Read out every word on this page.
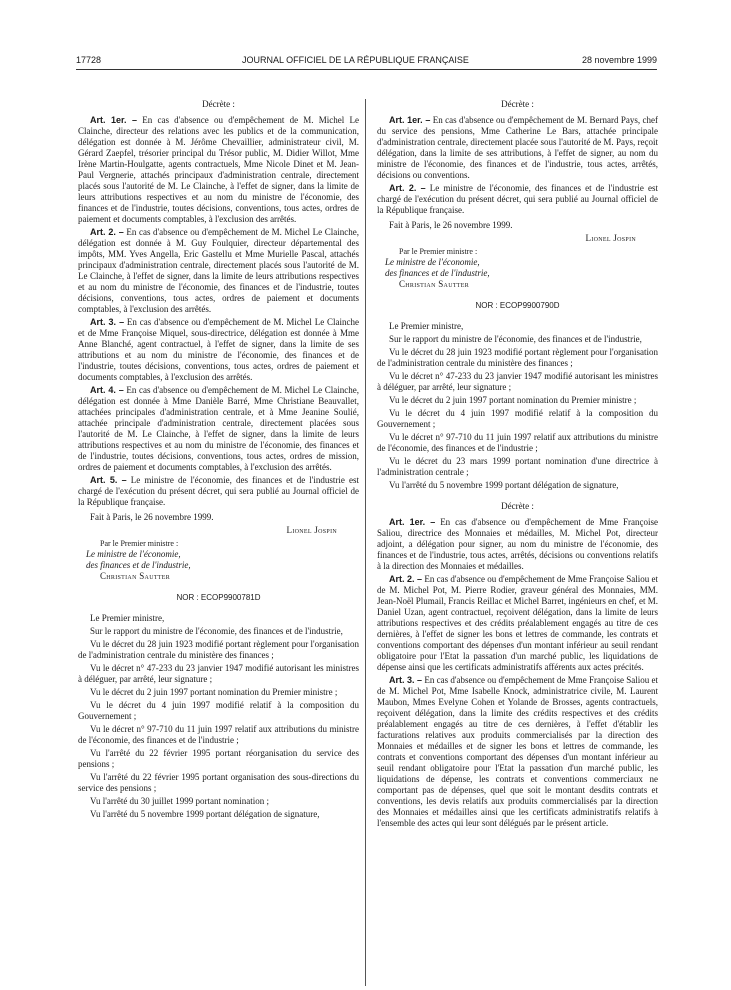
17728	JOURNAL OFFICIEL DE LA RÉPUBLIQUE FRANÇAISE	28 novembre 1999

Décrète :

Art. 1er. – En cas d'absence ou d'empêchement de M. Michel Le Clainche, directeur des relations avec les publics et de la communication, délégation est donnée à M. Jérôme Chevaillier, administrateur civil, M. Gérard Zaepfel, trésorier principal du Trésor public, M. Didier Willot, Mme Irène Martin-Houlgatte, agents contractuels, Mme Nicole Dinet et M. Jean-Paul Vergnerie, attachés principaux d'administration centrale, directement placés sous l'autorité de M. Le Clainche, à l'effet de signer, dans la limite de leurs attributions respectives et au nom du ministre de l'économie, des finances et de l'industrie, toutes décisions, conventions, tous actes, ordres de paiement et documents comptables, à l'exclusion des arrêtés.

Art. 2. – En cas d'absence ou d'empêchement de M. Michel Le Clainche, délégation est donnée à M. Guy Foulquier, directeur départemental des impôts, MM. Yves Angella, Eric Gastellu et Mme Murielle Pascal, attachés principaux d'administration centrale, directement placés sous l'autorité de M. Le Clainche, à l'effet de signer, dans la limite de leurs attributions respectives et au nom du ministre de l'économie, des finances et de l'industrie, toutes décisions, conventions, tous actes, ordres de paiement et documents comptables, à l'exclusion des arrêtés.

Art. 3. – En cas d'absence ou d'empêchement de M. Michel Le Clainche et de Mme Françoise Miquel, sous-directrice, délégation est donnée à Mme Anne Blanché, agent contractuel, à l'effet de signer, dans la limite de ses attributions et au nom du ministre de l'économie, des finances et de l'industrie, toutes décisions, conventions, tous actes, ordres de paiement et documents comptables, à l'exclusion des arrêtés.

Art. 4. – En cas d'absence ou d'empêchement de M. Michel Le Clainche, délégation est donnée à Mme Danièle Barré, Mme Christiane Beauvallet, attachées principales d'administration centrale, et à Mme Jeanine Soulié, attachée principale d'administration centrale, directement placées sous l'autorité de M. Le Clainche, à l'effet de signer, dans la limite de leurs attributions respectives et au nom du ministre de l'économie, des finances et de l'industrie, toutes décisions, conventions, tous actes, ordres de mission, ordres de paiement et documents comptables, à l'exclusion des arrêtés.

Art. 5. – Le ministre de l'économie, des finances et de l'industrie est chargé de l'exécution du présent décret, qui sera publié au Journal officiel de la République française.

Fait à Paris, le 26 novembre 1999.

Lionel Jospin

Par le Premier ministre :
Le ministre de l'économie,
des finances et de l'industrie,
Christian Sautter

NOR : ECOP9900781D

Le Premier ministre,

Sur le rapport du ministre de l'économie, des finances et de l'industrie,

Vu le décret du 28 juin 1923 modifié portant règlement pour l'organisation de l'administration centrale du ministère des finances ;

Vu le décret n° 47-233 du 23 janvier 1947 modifié autorisant les ministres à déléguer, par arrêté, leur signature ;

Vu le décret du 2 juin 1997 portant nomination du Premier ministre ;

Vu le décret du 4 juin 1997 modifié relatif à la composition du Gouvernement ;

Vu le décret n° 97-710 du 11 juin 1997 relatif aux attributions du ministre de l'économie, des finances et de l'industrie ;

Vu l'arrêté du 22 février 1995 portant réorganisation du service des pensions ;

Vu l'arrêté du 22 février 1995 portant organisation des sous-directions du service des pensions ;

Vu l'arrêté du 30 juillet 1999 portant nomination ;

Vu l'arrêté du 5 novembre 1999 portant délégation de signature,

Décrète :

Art. 1er. – En cas d'absence ou d'empêchement de M. Bernard Pays, chef du service des pensions, Mme Catherine Le Bars, attachée principale d'administration centrale, directement placée sous l'autorité de M. Pays, reçoit délégation, dans la limite de ses attributions, à l'effet de signer, au nom du ministre de l'économie, des finances et de l'industrie, tous actes, arrêtés, décisions ou conventions.

Art. 2. – Le ministre de l'économie, des finances et de l'industrie est chargé de l'exécution du présent décret, qui sera publié au Journal officiel de la République française.

Fait à Paris, le 26 novembre 1999.

Lionel Jospin

Par le Premier ministre :
Le ministre de l'économie,
des finances et de l'industrie,
Christian Sautter

NOR : ECOP9900790D

Le Premier ministre,

Sur le rapport du ministre de l'économie, des finances et de l'industrie,

Vu le décret du 28 juin 1923 modifié portant règlement pour l'organisation de l'administration centrale du ministère des finances ;

Vu le décret n° 47-233 du 23 janvier 1947 modifié autorisant les ministres à déléguer, par arrêté, leur signature ;

Vu le décret du 2 juin 1997 portant nomination du Premier ministre ;

Vu le décret du 4 juin 1997 modifié relatif à la composition du Gouvernement ;

Vu le décret n° 97-710 du 11 juin 1997 relatif aux attributions du ministre de l'économie, des finances et de l'industrie ;

Vu le décret du 23 mars 1999 portant nomination d'une directrice à l'administration centrale ;

Vu l'arrêté du 5 novembre 1999 portant délégation de signature,

Décrète :

Art. 1er. – En cas d'absence ou d'empêchement de Mme Françoise Saliou, directrice des Monnaies et médailles, M. Michel Pot, directeur adjoint, a délégation pour signer, au nom du ministre de l'économie, des finances et de l'industrie, tous actes, arrêtés, décisions ou conventions relatifs à la direction des Monnaies et médailles.

Art. 2. – En cas d'absence ou d'empêchement de Mme Françoise Saliou et de M. Michel Pot, M. Pierre Rodier, graveur général des Monnaies, MM. Jean-Noël Plumail, Francis Reillac et Michel Barret, ingénieurs en chef, et M. Daniel Uzan, agent contractuel, reçoivent délégation, dans la limite de leurs attributions respectives et des crédits préalablement engagés au titre de ces dernières, à l'effet de signer les bons et lettres de commande, les contrats et conventions comportant des dépenses d'un montant inférieur au seuil rendant obligatoire pour l'Etat la passation d'un marché public, les liquidations de dépense ainsi que les certificats administratifs afférents aux actes précités.

Art. 3. – En cas d'absence ou d'empêchement de Mme Françoise Saliou et de M. Michel Pot, Mme Isabelle Knock, administratrice civile, M. Laurent Maubon, Mmes Evelyne Cohen et Yolande de Brosses, agents contractuels, reçoivent délégation, dans la limite des crédits respectives et des crédits préalablement engagés au titre de ces dernières, à l'effet d'établir les facturations relatives aux produits commercialisés par la direction des Monnaies et médailles et de signer les bons et lettres de commande, les contrats et conventions comportant des dépenses d'un montant inférieur au seuil rendant obligatoire pour l'Etat la passation d'un marché public, les liquidations de dépense, les contrats et conventions commerciaux ne comportant pas de dépenses, quel que soit le montant desdits contrats et conventions, les devis relatifs aux produits commercialisés par la direction des Monnaies et médailles ainsi que les certificats administratifs relatifs à l'ensemble des actes qui leur sont délégués par le présent article.
